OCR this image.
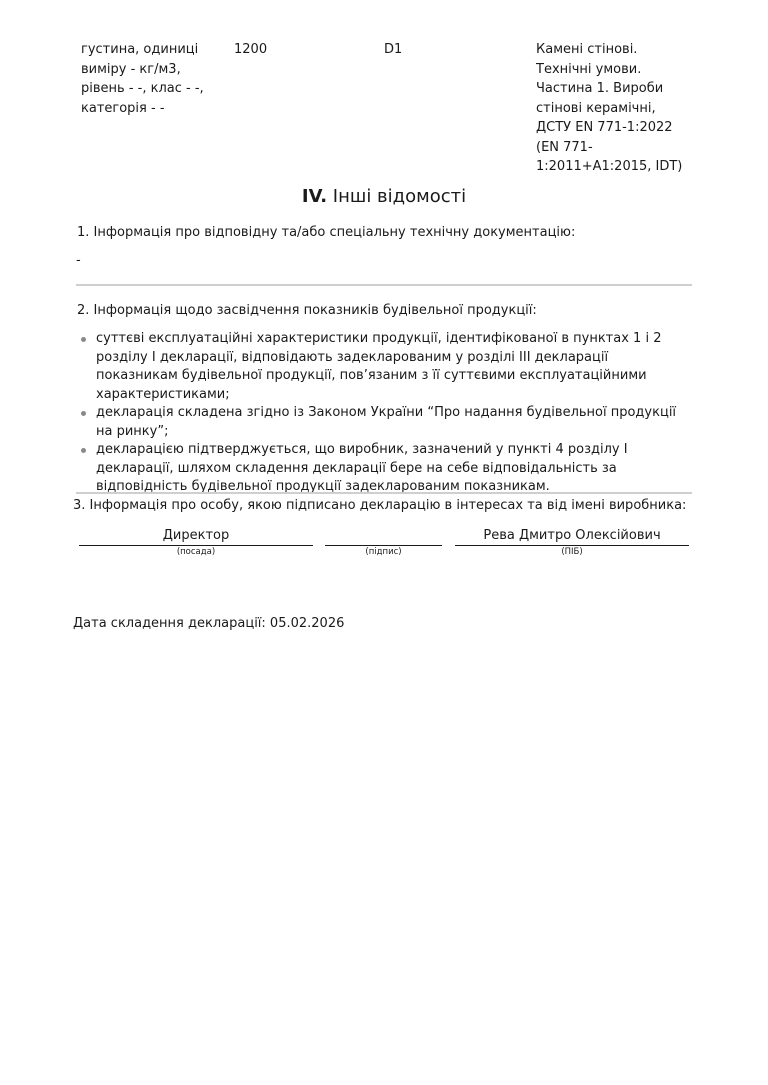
густина, одиниці
виміру - кг/м3,
рівень - -, клас - -,
категорія - -
1200	D1	Камені стінові.
Технічні умови.
Частина 1. Вироби
стінові керамічні,
ДСТУ EN 771-1:2022
(EN 771-
1:2011+A1:2015, IDT)
IV. Інші відомості
1. Інформація про відповідну та/або спеціальну технічну документацію:
-
2. Інформація щодо засвідчення показників будівельної продукції:
суттєві експлуатаційні характеристики продукції, ідентифікованої в пунктах 1 і 2 розділу I декларації, відповідають задекларованим у розділі III декларації показникам будівельної продукції, пов’язаним з її суттєвими експлуатаційними характеристиками;
декларація складена згідно із Законом України “Про надання будівельної продукції на ринку”;
декларацією підтверджується, що виробник, зазначений у пункті 4 розділу I декларації, шляхом складення декларації бере на себе відповідальність за відповідність будівельної продукції задекларованим показникам.
3. Інформація про особу, якою підписано декларацію в інтересах та від імені виробника:
Директор
(посада)	(підпис)
Рева Дмитро Олексійович
(ПІБ)
Дата складення декларації: 05.02.2026
